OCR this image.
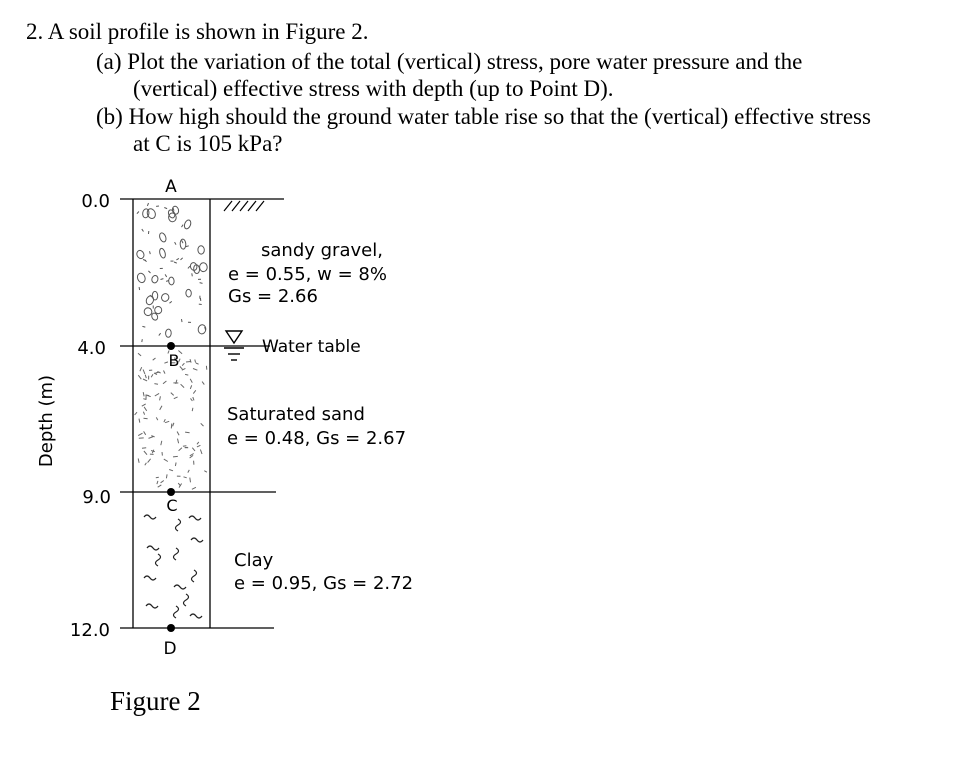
2. A soil profile is shown in Figure 2.
(a) Plot the variation of the total (vertical) stress, pore water pressure and the
(vertical) effective stress with depth (up to Point D).
(b) How high should the ground water table rise so that the (vertical) effective stress
at C is 105 kPa?
Depth (m)
0.0
4.0
9.0
12.0
A
B
C
D
Water table
sandy gravel,
e = 0.55, w = 8%
Gs = 2.66
Saturated sand
e = 0.48, Gs = 2.67
Clay
e = 0.95, Gs = 2.72
Figure 2
